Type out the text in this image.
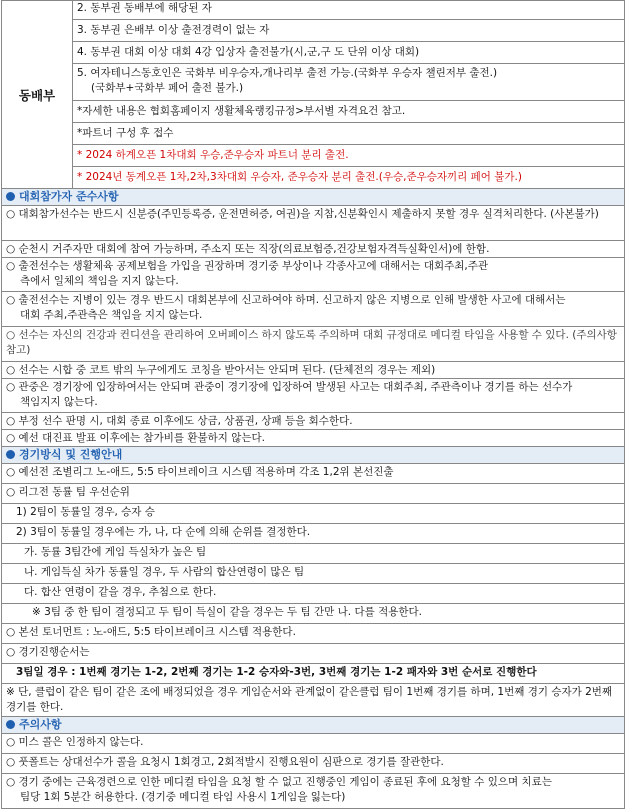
동배부
2. 동부권 동배부에 해당된 자
3. 동부권 은배부 이상 출전경력이 없는 자
4. 동부권 대회 이상 대회 4강 입상자 출전불가(시,군,구 도 단위 이상 대회)
5. 여자테니스동호인은 국화부 비우승자,개나리부 출전 가능.(국화부 우승자 챌린저부 출전.)
(국화부+국화부 페어 출전 불가.)
*자세한 내용은 협회홈페이지 생활체육랭킹규정>부서별 자격요건 참고.
*파트너 구성 후 접수
* 2024 하계오픈 1차대회 우승,준우승자 파트너 분리 출전.
* 2024년 동계오픈 1차,2차,3차대회 우승자, 준우승자 분리 출전.(우승,준우승자끼리 페어 불가.)
대회참가자 준수사항
○ 대회참가선수는 반드시 신분증(주민등록증, 운전면허증, 여권)을 지참,신분확인시 제출하지 못할 경우 실격처리한다. (사본불가)
○ 순천시 거주자만 대회에 참여 가능하며, 주소지 또는 직장(의료보험증,건강보험자격득실확인서)에 한함.
○ 출전선수는 생활체육 공제보험을 가입을 권장하며 경기중 부상이나 각종사고에 대해서는 대회주최,주관
측에서 일체의 책임을 지지 않는다.
○ 출전선수는 지병이 있는 경우 반드시 대회본부에 신고하여야 하며. 신고하지 않은 지병으로 인해 발생한 사고에 대해서는
대회 주최,주관측은 책임을 지지 않는다.
○ 선수는 자신의 건강과 컨디션을 관리하여 오버페이스 하지 않도록 주의하며 대회 규정대로 메디컬 타임을 사용할 수 있다. (주의사항 참고)
○ 선수는 시합 중 코트 밖의 누구에게도 코칭을 받아서는 안되며 된다. (단체전의 경우는 제외)
○ 관중은 경기장에 입장하여서는 안되며 관중이 경기장에 입장하여 발생된 사고는 대회주최, 주관측이나 경기를 하는 선수가
책임지지 않는다.
○ 부정 선수 판명 시, 대회 종료 이후에도 상금, 상품권, 상패 등을 회수한다.
○ 예선 대진표 발표 이후에는 참가비를 환불하지 않는다.
경기방식 및 진행안내
○ 예선전 조별리그 노-애드, 5:5 타이브레이크 시스템 적용하며 각조 1,2위 본선진출
○ 리그전 동률 팀 우선순위
1) 2팀이 동률일 경우, 승자 승
2) 3팀이 동률일 경우에는 가, 나, 다 순에 의해 순위를 결정한다.
가. 동률 3팀간에 게임 득실차가 높은 팀
나. 게임득실 차가 동률일 경우, 두 사람의 합산연령이 많은 팀
다. 합산 연령이 같을 경우, 추첨으로 한다.
※ 3팀 중 한 팀이 결정되고 두 팀이 득실이 같을 경우는 두 팀 간만 나. 다를 적용한다.
○ 본선 토너먼트 : 노-애드, 5:5 타이브레이크 시스템 적용한다.
○ 경기진행순서는
3팀일 경우 : 1번째 경기는 1-2, 2번째 경기는 1-2 승자와-3번, 3번째 경기는 1-2 패자와 3번 순서로 진행한다
※ 단, 클럽이 같은 팀이 같은 조에 배정되었을 경우 게임순서와 관계없이 같은클럽 팀이 1번째 경기를 하며, 1번째 경기 승자가 2번째 경기를 한다.
주의사항
○ 미스 콜은 인정하지 않는다.
○ 풋폴트는 상대선수가 콜을 요청시 1회경고, 2회적발시 진행요원이 심판으로 경기를 잘관한다.
○ 경기 중에는 근육경련으로 인한 메디컬 타임을 요청 할 수 없고 진행중인 게임이 종료된 후에 요청할 수 있으며 치료는
팀당 1회 5분간 허용한다. (경기중 메디컬 타임 사용시 1게임을 잃는다)
